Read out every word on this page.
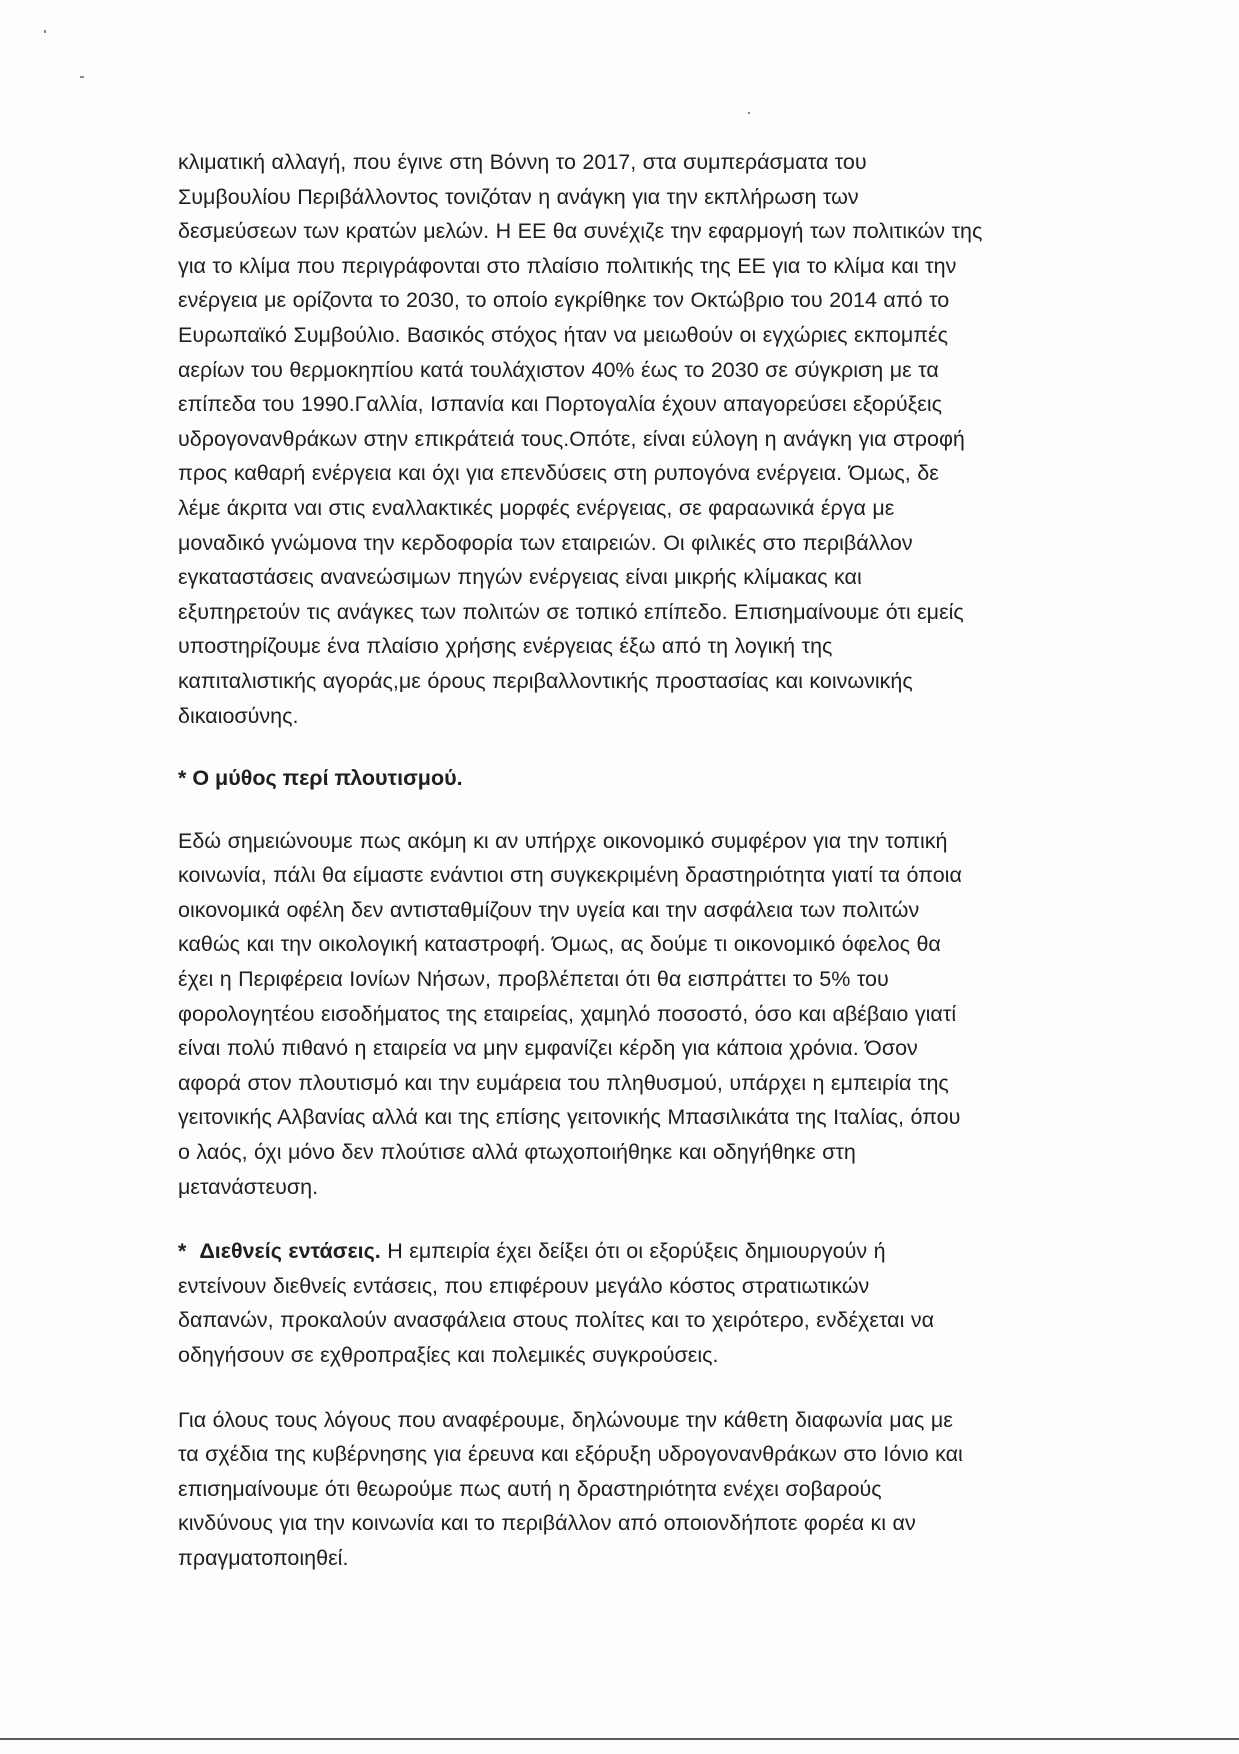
κλιματική αλλαγή, που έγινε στη Βόννη το 2017, στα συμπεράσματα του
Συμβουλίου Περιβάλλοντος τονιζόταν η ανάγκη για την εκπλήρωση των
δεσμεύσεων των κρατών μελών. Η ΕΕ θα συνέχιζε την εφαρμογή των πολιτικών της
για το κλίμα που περιγράφονται στο πλαίσιο πολιτικής της ΕΕ για το κλίμα και την
ενέργεια με ορίζοντα το 2030, το οποίο εγκρίθηκε τον Οκτώβριο του 2014 από το
Ευρωπαϊκό Συμβούλιο. Βασικός στόχος ήταν να μειωθούν οι εγχώριες εκπομπές
αερίων του θερμοκηπίου κατά τουλάχιστον 40% έως το 2030 σε σύγκριση με τα
επίπεδα του 1990.Γαλλία, Ισπανία και Πορτογαλία έχουν απαγορεύσει εξορύξεις
υδρογονανθράκων στην επικράτειά τους.Οπότε, είναι εύλογη η ανάγκη για στροφή
προς καθαρή ενέργεια και όχι για επενδύσεις στη ρυπογόνα ενέργεια. Όμως, δε
λέμε άκριτα ναι στις εναλλακτικές μορφές ενέργειας, σε φαραωνικά έργα με
μοναδικό γνώμονα την κερδοφορία των εταιρειών. Οι φιλικές στο περιβάλλον
εγκαταστάσεις ανανεώσιμων πηγών ενέργειας είναι μικρής κλίμακας και
εξυπηρετούν τις ανάγκες των πολιτών σε τοπικό επίπεδο. Επισημαίνουμε ότι εμείς
υποστηρίζουμε ένα πλαίσιο χρήσης ενέργειας έξω από τη λογική της
καπιταλιστικής αγοράς,με όρους περιβαλλοντικής προστασίας και κοινωνικής
δικαιοσύνης.

* Ο μύθος περί πλουτισμού.

Εδώ σημειώνουμε πως ακόμη κι αν υπήρχε οικονομικό συμφέρον για την τοπική
κοινωνία, πάλι θα είμαστε ενάντιοι στη συγκεκριμένη δραστηριότητα γιατί τα όποια
οικονομικά οφέλη δεν αντισταθμίζουν την υγεία και την ασφάλεια των πολιτών
καθώς και την οικολογική καταστροφή. Όμως, ας δούμε τι οικονομικό όφελος θα
έχει η Περιφέρεια Ιονίων Νήσων, προβλέπεται ότι θα εισπράττει το 5% του
φορολογητέου εισοδήματος της εταιρείας, χαμηλό ποσοστό, όσο και αβέβαιο γιατί
είναι πολύ πιθανό η εταιρεία να μην εμφανίζει κέρδη για κάποια χρόνια. Όσον
αφορά στον πλουτισμό και την ευμάρεια του πληθυσμού, υπάρχει η εμπειρία της
γειτονικής Αλβανίας αλλά και της επίσης γειτονικής Μπασιλικάτα της Ιταλίας, όπου
ο λαός, όχι μόνο δεν πλούτισε αλλά φτωχοποιήθηκε και οδηγήθηκε στη
μετανάστευση.

* Διεθνείς εντάσεις. Η εμπειρία έχει δείξει ότι οι εξορύξεις δημιουργούν ή
εντείνουν διεθνείς εντάσεις, που επιφέρουν μεγάλο κόστος στρατιωτικών
δαπανών, προκαλούν ανασφάλεια στους πολίτες και το χειρότερο, ενδέχεται να
οδηγήσουν σε εχθροπραξίες και πολεμικές συγκρούσεις.

Για όλους τους λόγους που αναφέρουμε, δηλώνουμε την κάθετη διαφωνία μας με
τα σχέδια της κυβέρνησης για έρευνα και εξόρυξη υδρογονανθράκων στο Ιόνιο και
επισημαίνουμε ότι θεωρούμε πως αυτή η δραστηριότητα ενέχει σοβαρούς
κινδύνους για την κοινωνία και το περιβάλλον από οποιονδήποτε φορέα κι αν
πραγματοποιηθεί.
